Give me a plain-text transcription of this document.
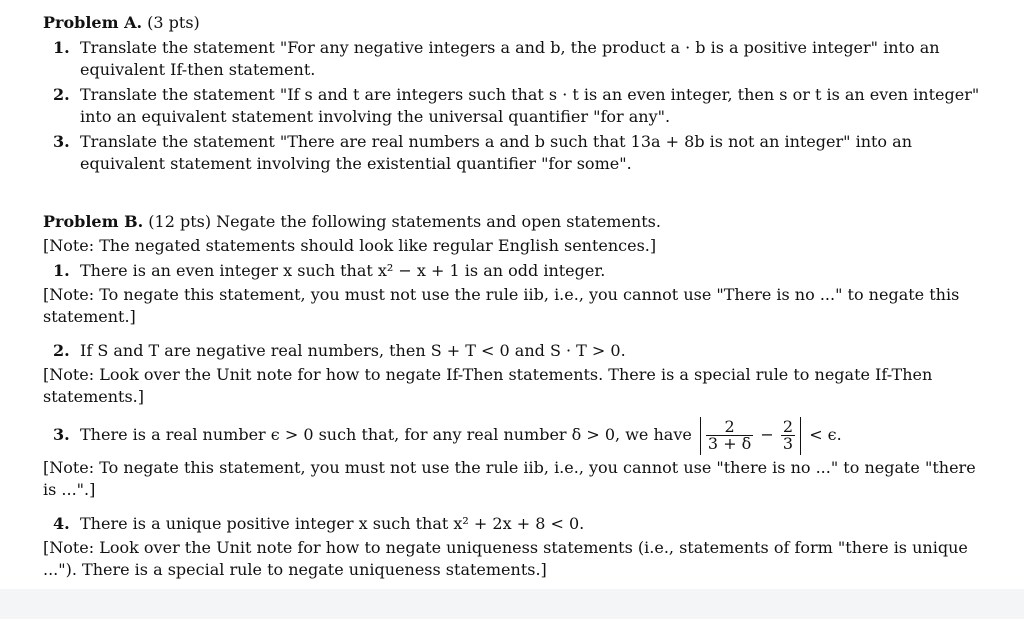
Problem A. (3 pts)
1. Translate the statement "For any negative integers a and b, the product a · b is a positive integer" into an equivalent If-then statement.
2. Translate the statement "If s and t are integers such that s · t is an even integer, then s or t is an even integer" into an equivalent statement involving the universal quantifier "for any".
3. Translate the statement "There are real numbers a and b such that 13a + 8b is not an integer" into an equivalent statement involving the existential quantifier "for some".
Problem B. (12 pts) Negate the following statements and open statements.
[Note: The negated statements should look like regular English sentences.]
1. There is an even integer x such that x² − x + 1 is an odd integer.
[Note: To negate this statement, you must not use the rule iib, i.e., you cannot use "There is no ..." to negate this statement.]
2. If S and T are negative real numbers, then S + T < 0 and S · T > 0.
[Note: Look over the Unit note for how to negate If-Then statements. There is a special rule to negate If-Then statements.]
3. There is a real number ϵ > 0 such that, for any real number δ > 0, we have $\frac{2}{3 + \delta} - \frac{2}{3} < \epsilon$.
[Note: To negate this statement, you must not use the rule iib, i.e., you cannot use "there is no ..." to negate "there is ...".]
4. There is a unique positive integer x such that x² + 2x + 8 < 0.
[Note: Look over the Unit note for how to negate uniqueness statements (i.e., statements of form "there is unique ..."). There is a special rule to negate uniqueness statements.]
